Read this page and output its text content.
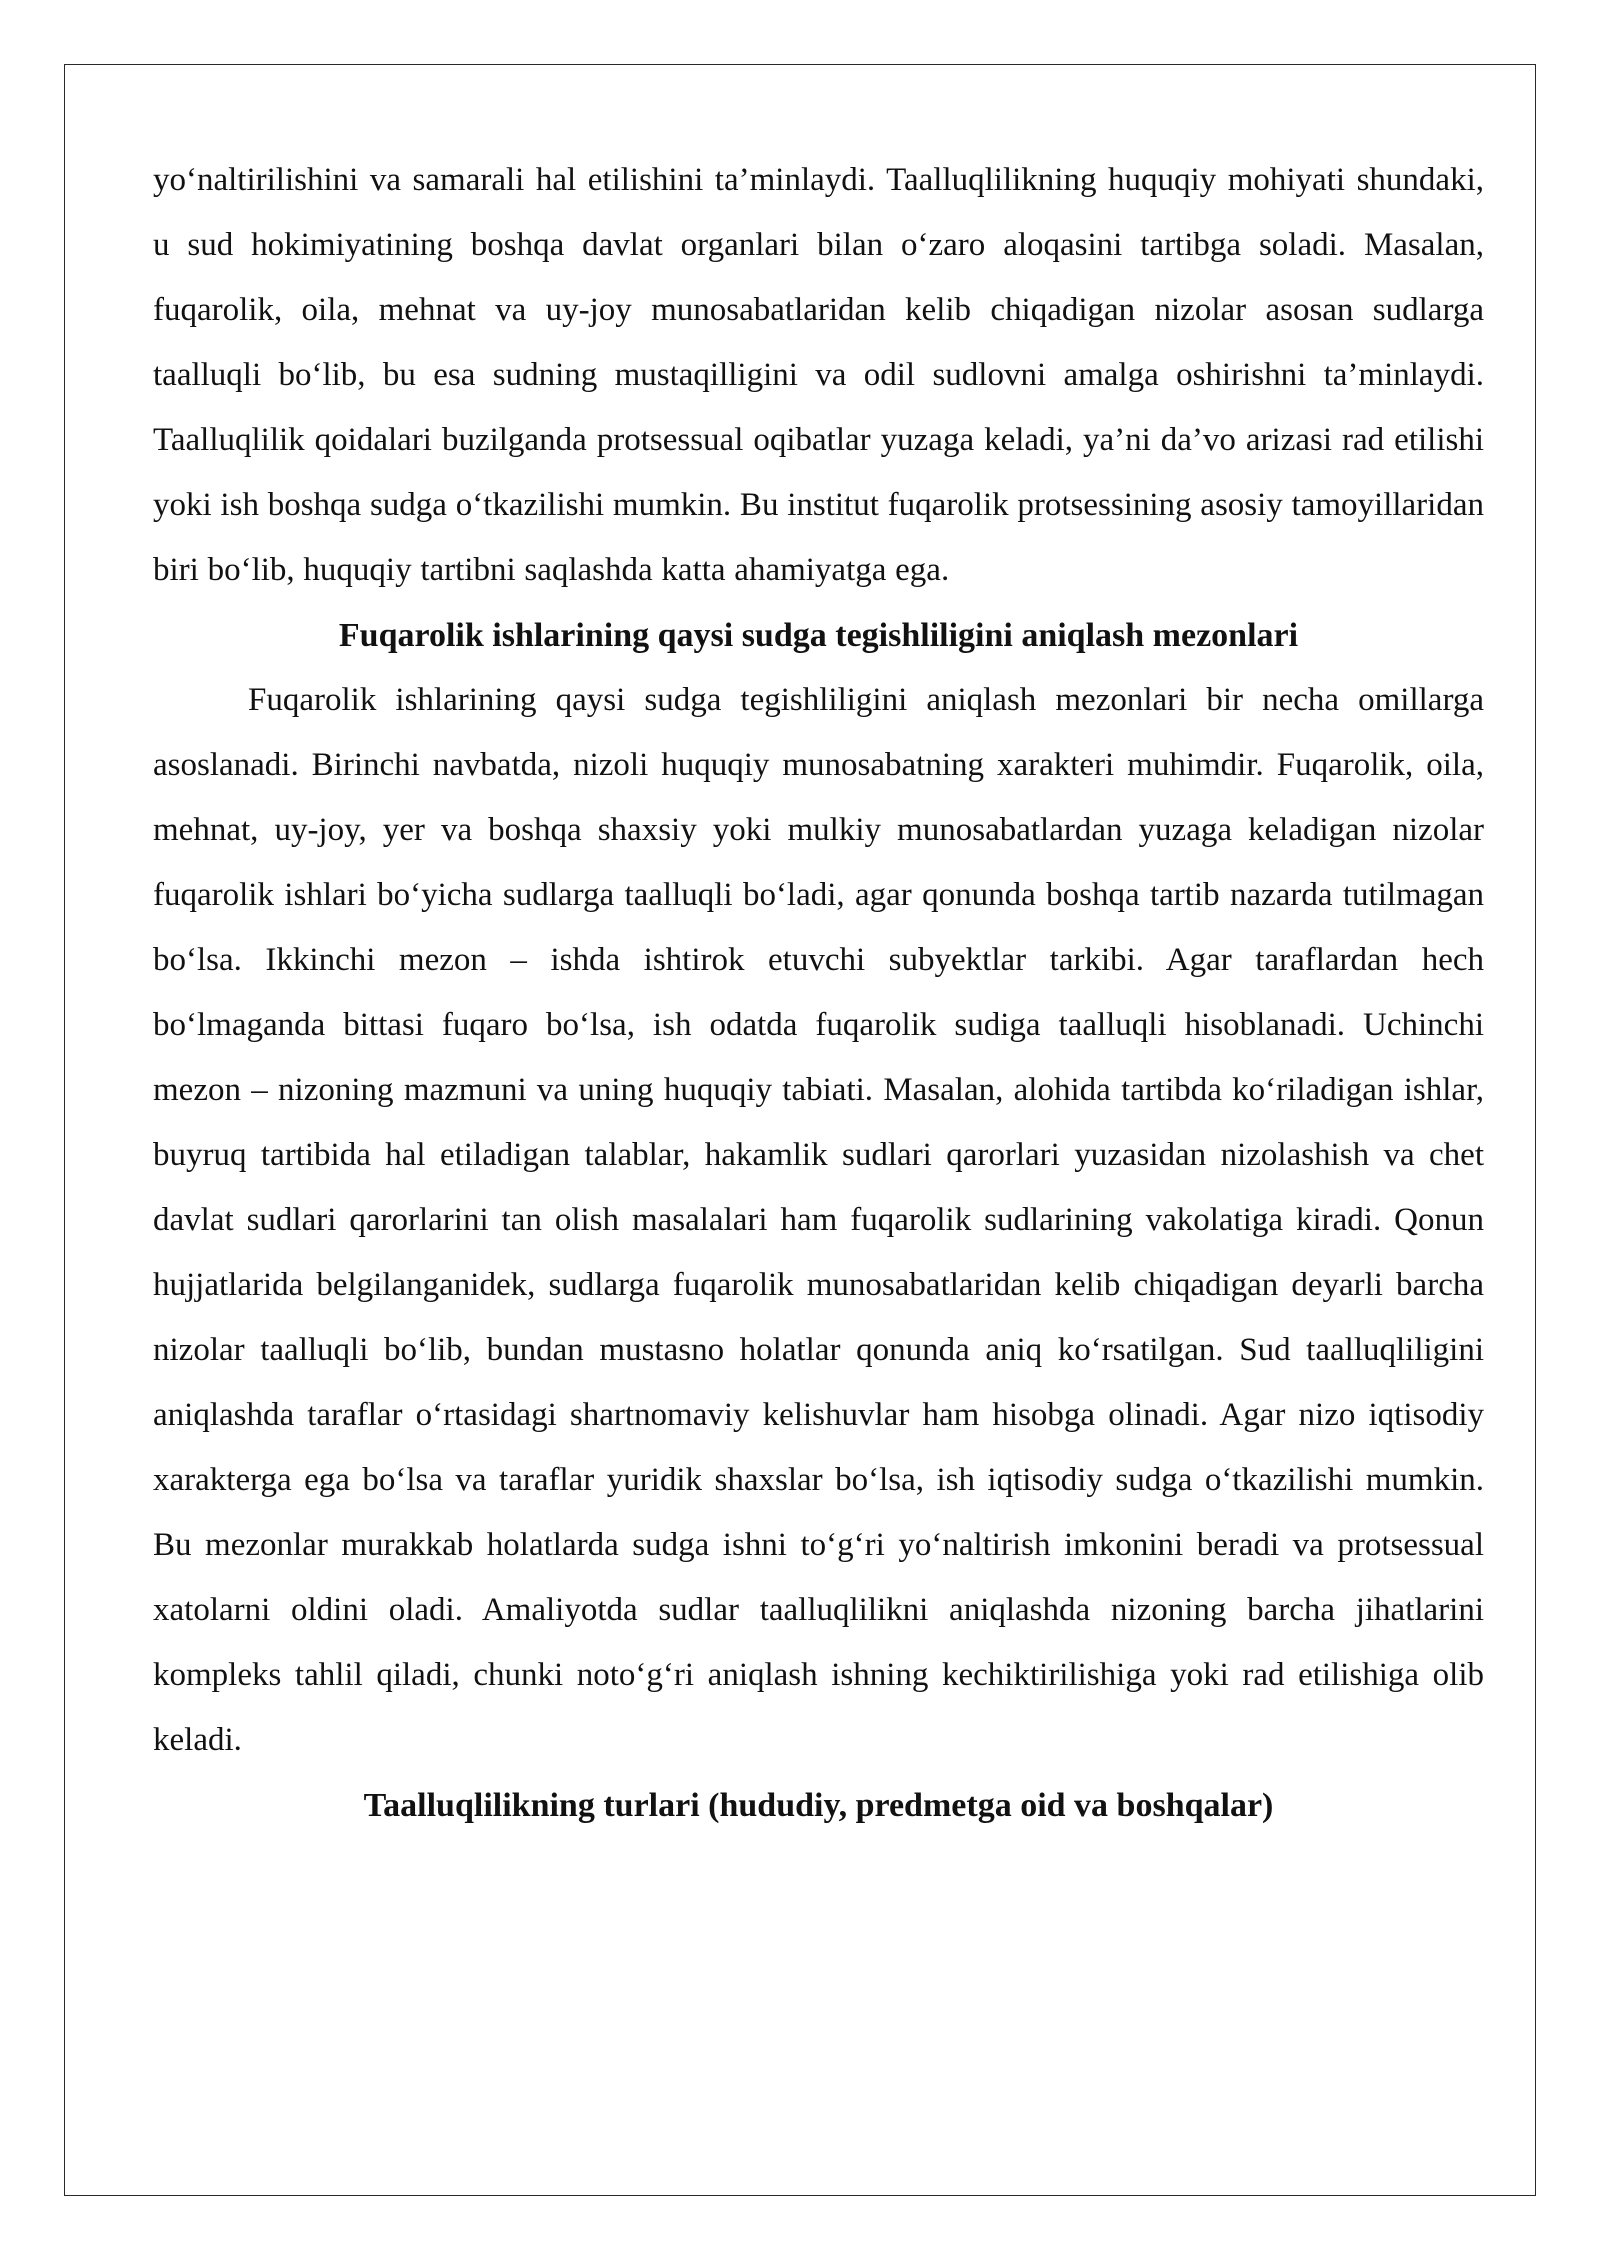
yo‘naltirilishini va samarali hal etilishini ta’minlaydi. Taalluqlilikning huquqiy mohiyati shundaki, u sud hokimiyatining boshqa davlat organlari bilan o‘zaro aloqasini tartibga soladi. Masalan, fuqarolik, oila, mehnat va uy-joy munosabatlaridan kelib chiqadigan nizolar asosan sudlarga taalluqli bo‘lib, bu esa sudning mustaqilligini va odil sudlovni amalga oshirishni ta’minlaydi. Taalluqlilik qoidalari buzilganda protsessual oqibatlar yuzaga keladi, ya’ni da’vo arizasi rad etilishi yoki ish boshqa sudga o‘tkazilishi mumkin. Bu institut fuqarolik protsessining asosiy tamoyillaridan biri bo‘lib, huquqiy tartibni saqlashda katta ahamiyatga ega.

Fuqarolik ishlarining qaysi sudga tegishliligini aniqlash mezonlari

Fuqarolik ishlarining qaysi sudga tegishliligini aniqlash mezonlari bir necha omillarga asoslanadi. Birinchi navbatda, nizoli huquqiy munosabatning xarakteri muhimdir. Fuqarolik, oila, mehnat, uy-joy, yer va boshqa shaxsiy yoki mulkiy munosabatlardan yuzaga keladigan nizolar fuqarolik ishlari bo‘yicha sudlarga taalluqli bo‘ladi, agar qonunda boshqa tartib nazarda tutilmagan bo‘lsa. Ikkinchi mezon – ishda ishtirok etuvchi subyektlar tarkibi. Agar taraflardan hech bo‘lmaganda bittasi fuqaro bo‘lsa, ish odatda fuqarolik sudiga taalluqli hisoblanadi. Uchinchi mezon – nizoning mazmuni va uning huquqiy tabiati. Masalan, alohida tartibda ko‘riladigan ishlar, buyruq tartibida hal etiladigan talablar, hakamlik sudlari qarorlari yuzasidan nizolashish va chet davlat sudlari qarorlarini tan olish masalalari ham fuqarolik sudlarining vakolatiga kiradi. Qonun hujjatlarida belgilanganidek, sudlarga fuqarolik munosabatlaridan kelib chiqadigan deyarli barcha nizolar taalluqli bo‘lib, bundan mustasno holatlar qonunda aniq ko‘rsatilgan. Sud taalluqliligini aniqlashda taraflar o‘rtasidagi shartnomaviy kelishuvlar ham hisobga olinadi. Agar nizo iqtisodiy xarakterga ega bo‘lsa va taraflar yuridik shaxslar bo‘lsa, ish iqtisodiy sudga o‘tkazilishi mumkin. Bu mezonlar murakkab holatlarda sudga ishni to‘g‘ri yo‘naltirish imkonini beradi va protsessual xatolarni oldini oladi. Amaliyotda sudlar taalluqlilikni aniqlashda nizoning barcha jihatlarini kompleks tahlil qiladi, chunki noto‘g‘ri aniqlash ishning kechiktirilishiga yoki rad etilishiga olib keladi.

Taalluqlilikning turlari (hududiy, predmetga oid va boshqalar)
